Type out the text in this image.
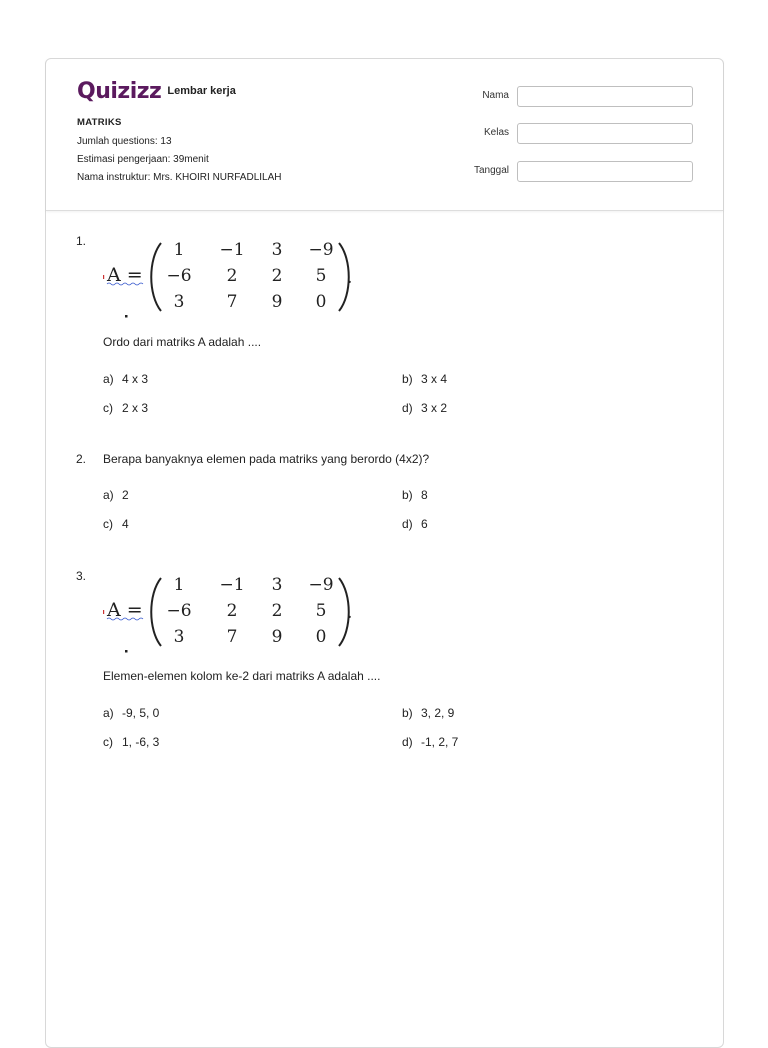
Quizizz Lembar kerja
MATRIKS
Jumlah questions: 13
Estimasi pengerjaan: 39menit
Nama instruktur: Mrs. KHOIRI NURFADLILAH
Nama
Kelas
Tanggal
1.
A =
1 −1 3 −9
−6 2 2 5
3 7 9 0
.
Ordo dari matriks A adalah ....
a) 4 x 3	b) 3 x 4
c) 2 x 3	d) 3 x 2
2. Berapa banyaknya elemen pada matriks yang berordo (4x2)?
a) 2	b) 8
c) 4	d) 6
3.
A =
1 −1 3 −9
−6 2 2 5
3 7 9 0
.
Elemen-elemen kolom ke-2 dari matriks A adalah ....
a) -9, 5, 0	b) 3, 2, 9
c) 1, -6, 3	d) -1, 2, 7
